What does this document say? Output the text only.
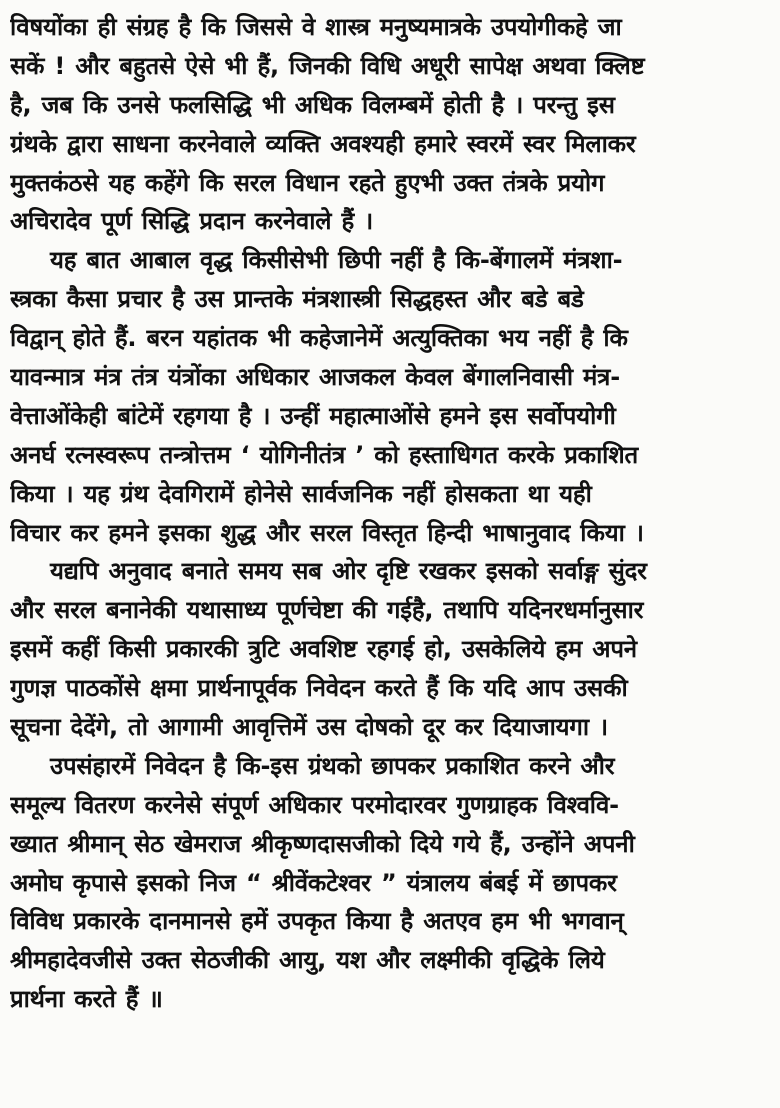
विषयोंका ही संग्रह है कि जिससे वे शास्त्र मनुष्यमात्रके उपयोगीकहे जा
सकें ! और बहुतसे ऐसे भी हैं, जिनकी विधि अधूरी सापेक्ष अथवा क्लिष्ट
है, जब कि उनसे फलसिद्धि भी अधिक विलम्बमें होती है । परन्तु इस
ग्रंथके द्वारा साधना करनेवाले व्यक्ति अवश्यही हमारे स्वरमें स्वर मिलाकर
मुक्तकंठसे यह कहेंगे कि सरल विधान रहते हुएभी उक्त तंत्रके प्रयोग
अचिरादेव पूर्ण सिद्धि प्रदान करनेवाले हैं ।
यह बात आबाल वृद्ध किसीसेभी छिपी नहीं है कि-बेंगालमें मंत्रशा-
स्त्रका कैसा प्रचार है उस प्रान्तके मंत्रशास्त्री सिद्धहस्त और बडे बडे
विद्वान् होते हैं. बरन यहांतक भी कहेजानेमें अत्युक्तिका भय नहीं है कि
यावन्मात्र मंत्र तंत्र यंत्रोंका अधिकार आजकल केवल बेंगालनिवासी मंत्र-
वेत्ताओंकेही बांटेमें रहगया है । उन्हीं महात्माओंसे हमने इस सर्वोपयोगी
अनर्घ रत्नस्वरूप तन्त्रोत्तम ‘ योगिनीतंत्र ’ को हस्ताधिगत करके प्रकाशित
किया । यह ग्रंथ देवगिरामें होनेसे सार्वजनिक नहीं होसकता था यही
विचार कर हमने इसका शुद्ध और सरल विस्तृत हिन्दी भाषानुवाद किया ।
यद्यपि अनुवाद बनाते समय सब ओर दृष्टि रखकर इसको सर्वाङ्ग सुंदर
और सरल बनानेकी यथासाध्य पूर्णचेष्टा की गईहै, तथापि यदिनरधर्मानुसार
इसमें कहीं किसी प्रकारकी त्रुटि अवशिष्ट रहगई हो, उसकेलिये हम अपने
गुणज्ञ पाठकोंसे क्षमा प्रार्थनापूर्वक निवेदन करते हैं कि यदि आप उसकी
सूचना देदेंगे, तो आगामी आवृत्तिमें उस दोषको दूर कर दियाजायगा ।
उपसंहारमें निवेदन है कि-इस ग्रंथको छापकर प्रकाशित करने और
समूल्य वितरण करनेसे संपूर्ण अधिकार परमोदारवर गुणग्राहक विश्ववि-
ख्यात श्रीमान् सेठ खेमराज श्रीकृष्णदासजीको दिये गये हैं, उन्होंने अपनी
अमोघ कृपासे इसको निज “ श्रीवेंकटेश्वर ” यंत्रालय बंबई में छापकर
विविध प्रकारके दानमानसे हमें उपकृत किया है अतएव हम भी भगवान्
श्रीमहादेवजीसे उक्त सेठजीकी आयु, यश और लक्ष्मीकी वृद्धिके लिये
प्रार्थना करते हैं ॥
